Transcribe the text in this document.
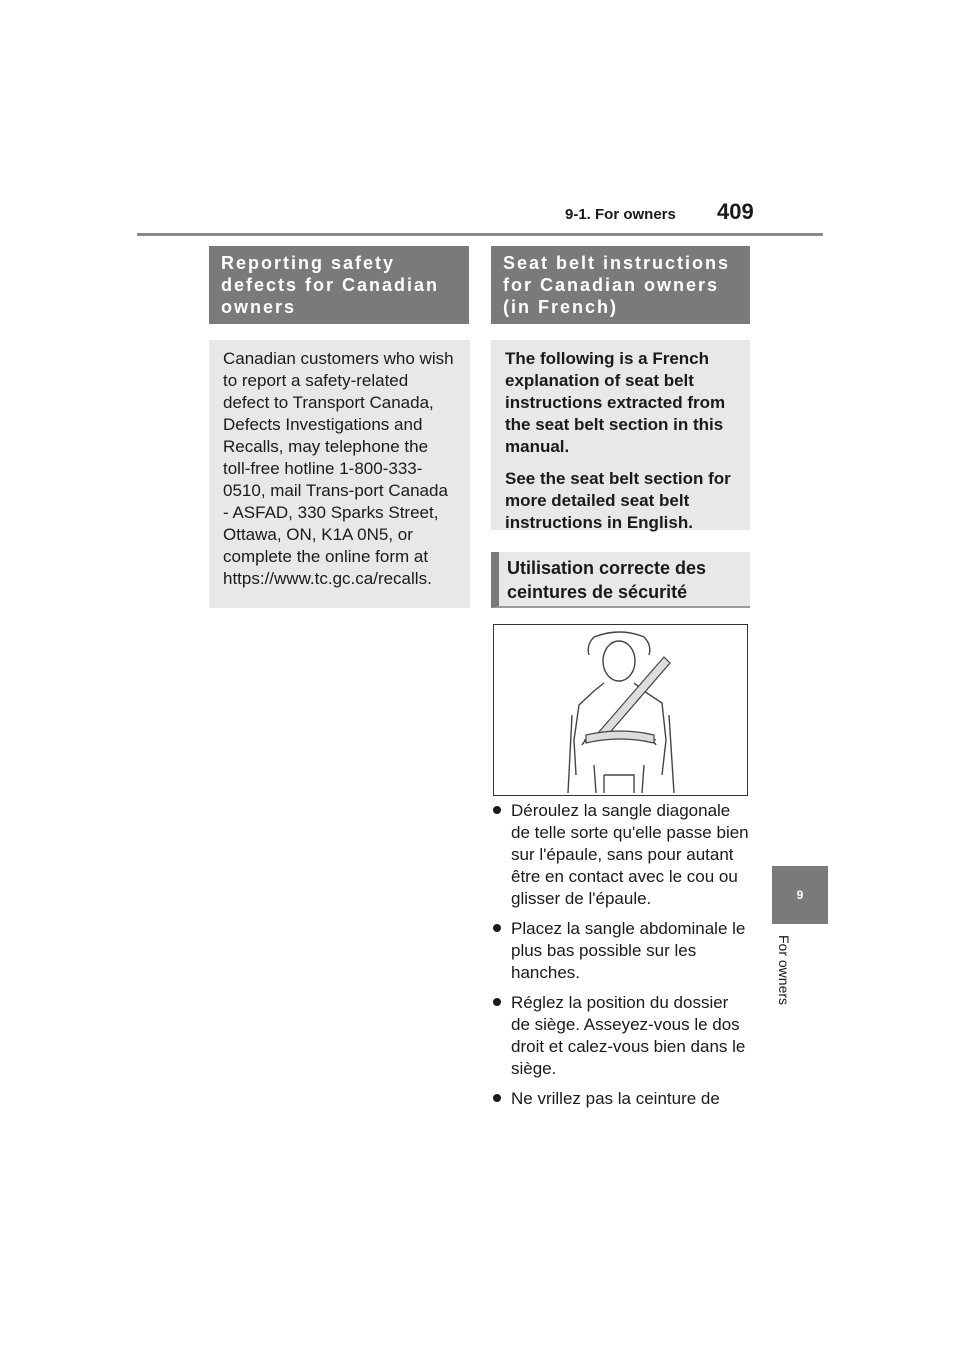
9-1. For owners 409
Reporting safety defects for Canadian owners
Canadian customers who wish to report a safety-related defect to Transport Canada, Defects Investigations and Recalls, may telephone the toll-free hotline 1-800-333-0510, mail Trans-port Canada - ASFAD, 330 Sparks Street, Ottawa, ON, K1A 0N5, or complete the online form at https://www.tc.gc.ca/recalls.
Seat belt instructions for Canadian owners (in French)

The following is a French explanation of seat belt instructions extracted from the seat belt section in this manual.

See the seat belt section for more detailed seat belt instructions in English.

Utilisation correcte des ceintures de sécurité
Déroulez la sangle diagonale de telle sorte qu'elle passe bien sur l'épaule, sans pour autant être en contact avec le cou ou glisser de l'épaule.
Placez la sangle abdominale le plus bas possible sur les hanches.
Réglez la position du dossier de siège. Asseyez-vous le dos droit et calez-vous bien dans le siège.
Ne vrillez pas la ceinture de
9
For owners
